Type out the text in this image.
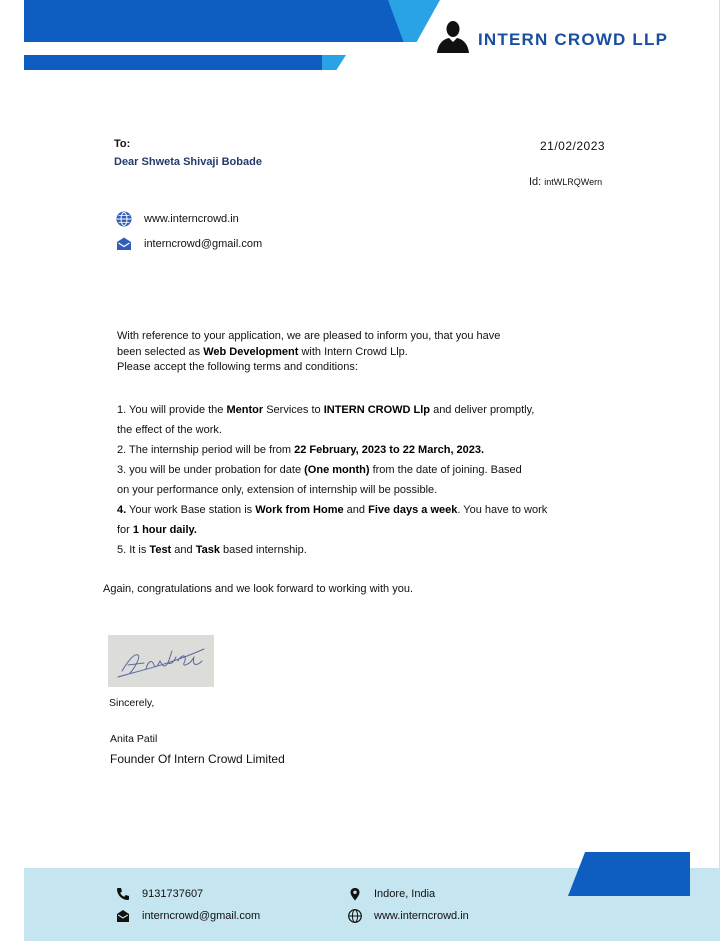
INTERN CROWD LLP
To:
Dear Shweta Shivaji Bobade
21/02/2023
Id: intWLRQWern
www.interncrowd.in
interncrowd@gmail.com
With reference to your application, we are pleased to inform you, that you have
been selected as Web Development with Intern Crowd Llp.
Please accept the following terms and conditions:
1. You will provide the Mentor Services to INTERN CROWD Llp and deliver promptly,
the effect of the work.
2. The internship period will be from 22 February, 2023 to 22 March, 2023.
3. you will be under probation for date (One month) from the date of joining. Based
on your performance only, extension of internship will be possible.
4. Your work Base station is Work from Home and Five days a week. You have to work
for 1 hour daily.
5. It is Test and Task based internship.
Again, congratulations and we look forward to working with you.
Sincerely,
Anita Patil
Founder Of Intern Crowd Limited
9131737607
interncrowd@gmail.com
Indore, India
www.interncrowd.in
